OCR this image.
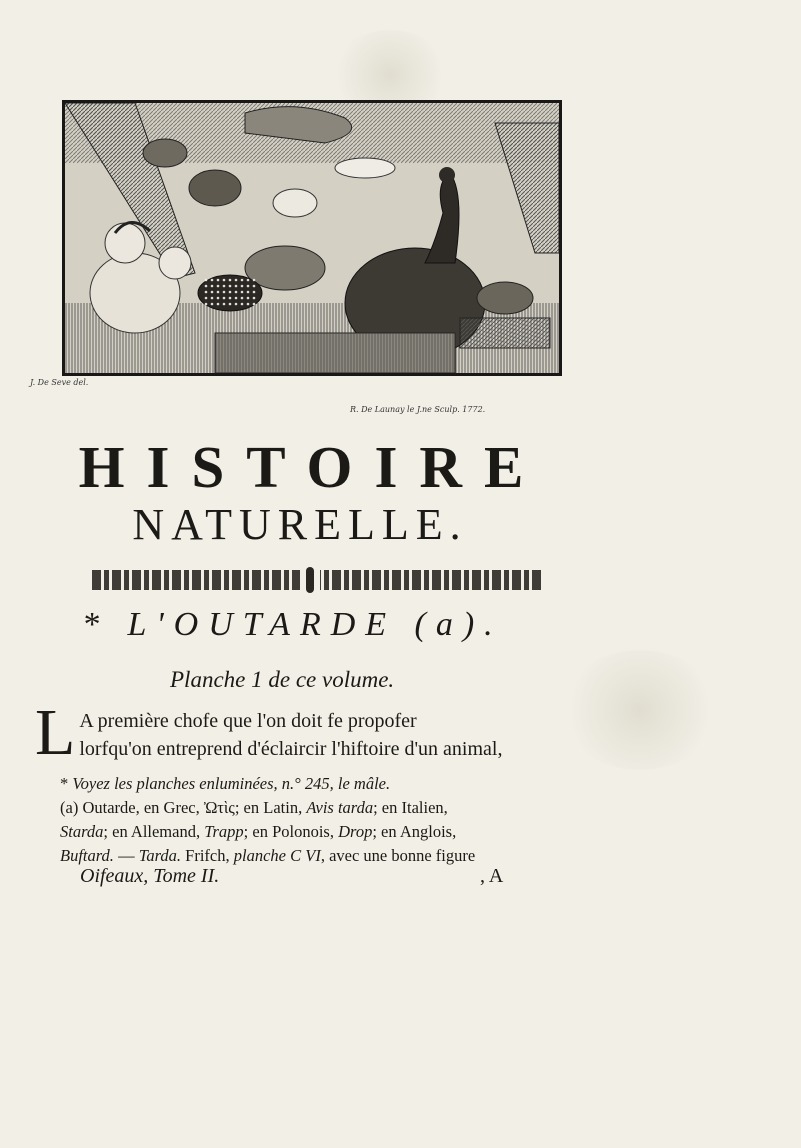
J. De Seve del.
R. De Launay le J.ne Sculp. 1772.
HISTOIRE
NATURELLE.
* L'OUTARDE (a).
Planche 1 de ce volume.
L A première chofe que l'on doit fe propofer
lorfqu'on entreprend d'éclaircir l'hiftoire d'un animal,
* Voyez les planches enluminées, n.° 245, le mâle.
(a) Outarde, en Grec, Ὠτὶς; en Latin, Avis tarda; en Italien,
Starda; en Allemand, Trapp; en Polonois, Drop; en Anglois,
Buftard. — Tarda. Frifch, planche C VI, avec une bonne figure
Oifeaux, Tome II.	, A
